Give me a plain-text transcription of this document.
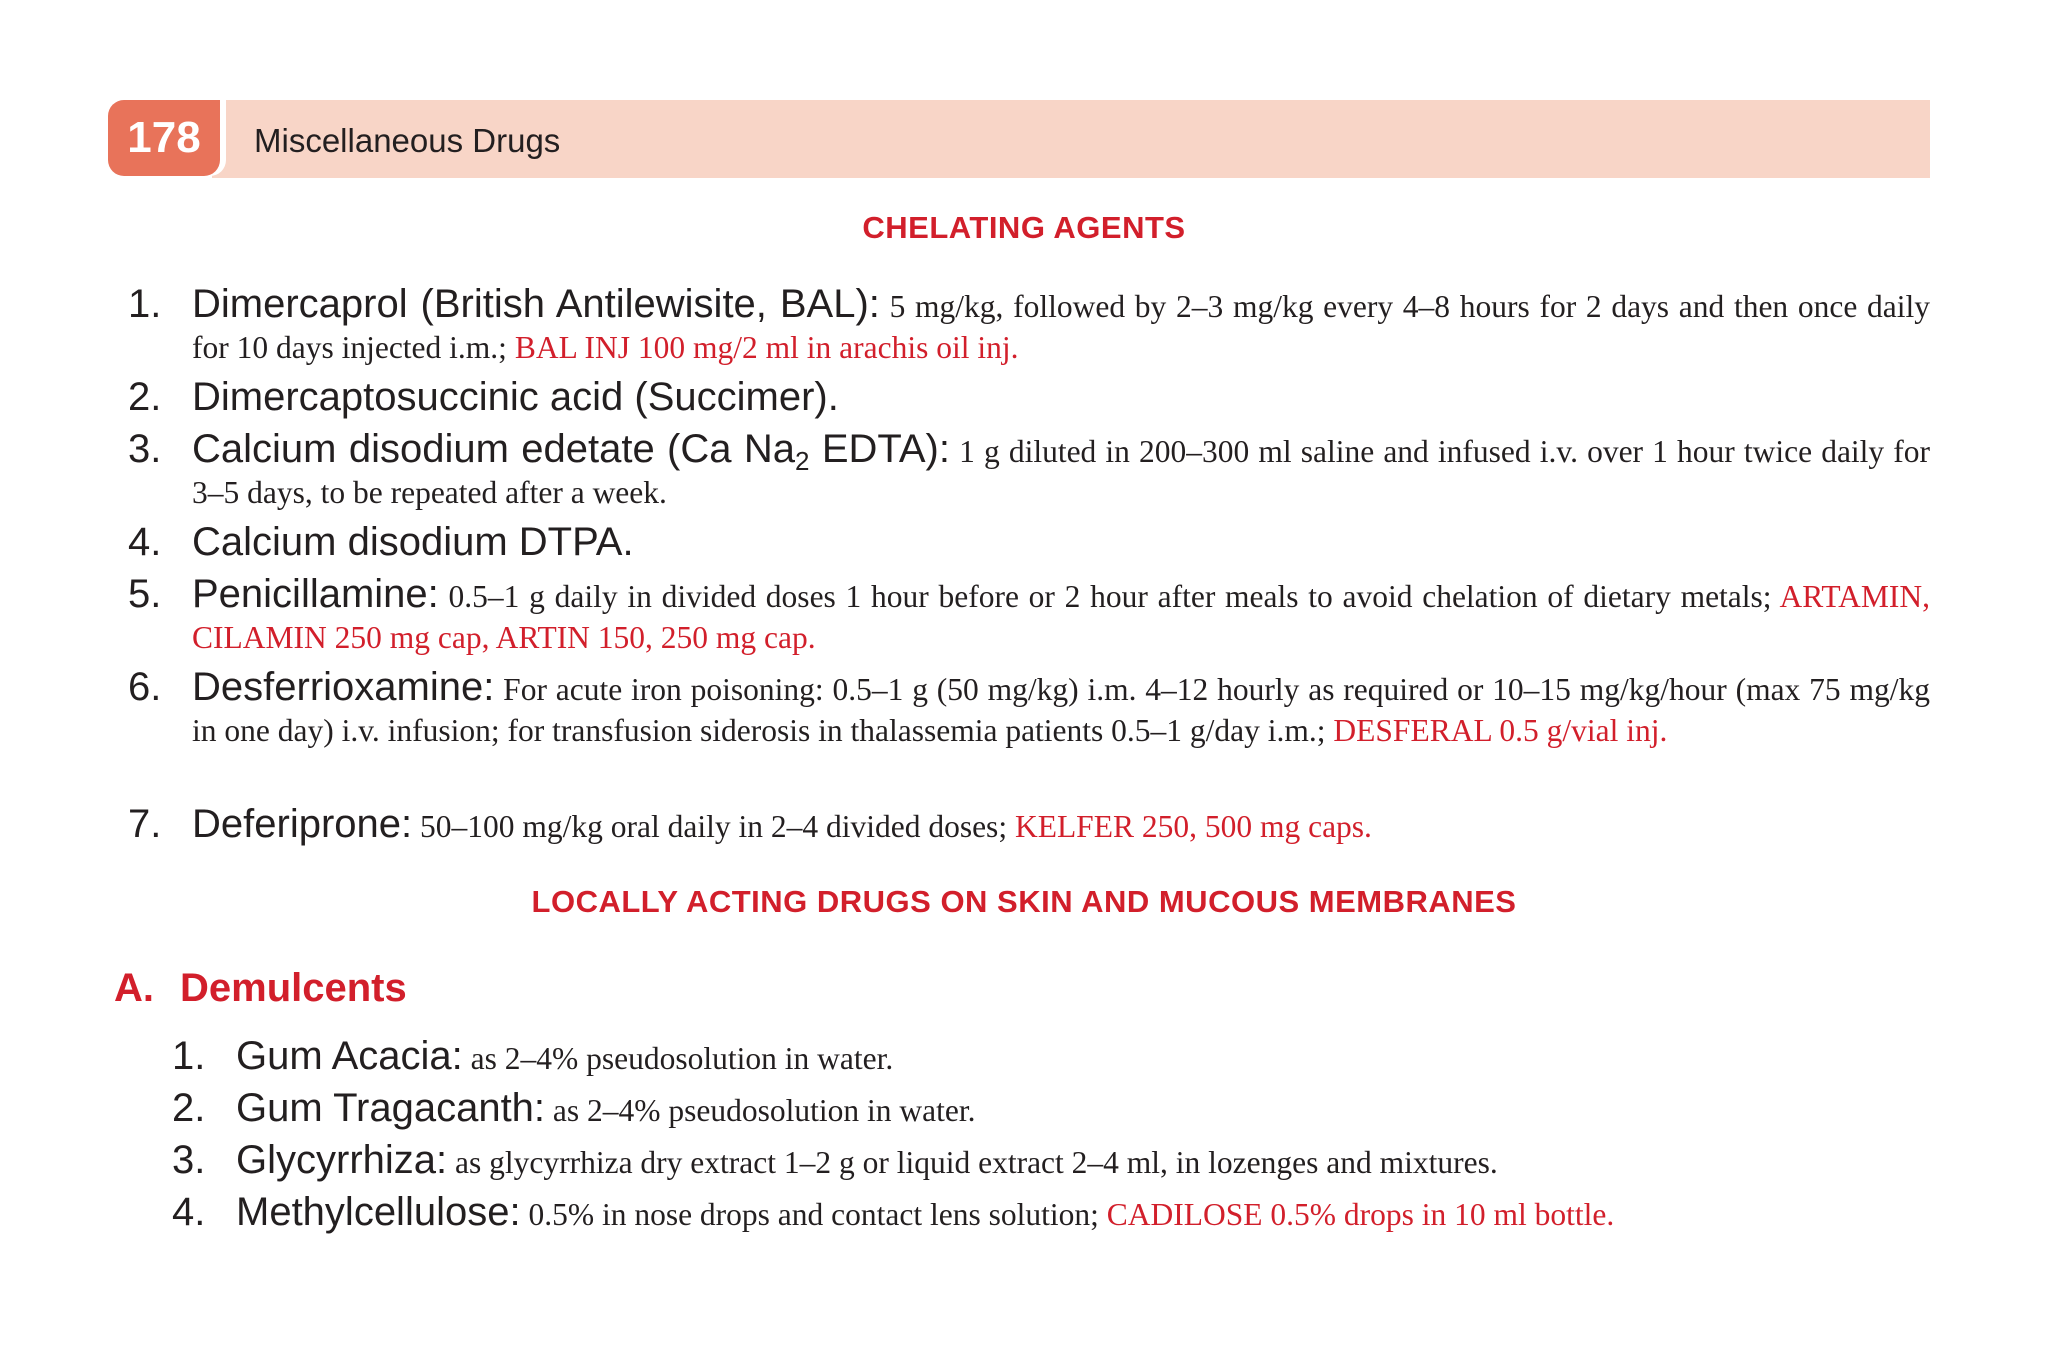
178	Miscellaneous Drugs
CHELATING AGENTS
1. Dimercaprol (British Antilewisite, BAL): 5 mg/kg, followed by 2–3 mg/kg every 4–8 hours for 2 days and then once daily for 10 days injected i.m.; BAL INJ 100 mg/2 ml in arachis oil inj.
2. Dimercaptosuccinic acid (Succimer).
3. Calcium disodium edetate (Ca $Na_2$ EDTA): 1 g diluted in 200–300 ml saline and infused i.v. over 1 hour twice daily for 3–5 days, to be repeated after a week.
4. Calcium disodium DTPA.
5. Penicillamine: 0.5–1 g daily in divided doses 1 hour before or 2 hour after meals to avoid chelation of dietary metals; ARTAMIN, CILAMIN 250 mg cap, ARTIN 150, 250 mg cap.
6. Desferrioxamine: For acute iron poisoning: 0.5–1 g (50 mg/kg) i.m. 4–12 hourly as required or 10–15 mg/kg/hour (max 75 mg/kg in one day) i.v. infusion; for transfusion siderosis in thalassemia patients 0.5–1 g/day i.m.; DESFERAL 0.5 g/vial inj.
7. Deferiprone: 50–100 mg/kg oral daily in 2–4 divided doses; KELFER 250, 500 mg caps.
LOCALLY ACTING DRUGS ON SKIN AND MUCOUS MEMBRANES
A. Demulcents
1. Gum Acacia: as 2–4% pseudosolution in water.
2. Gum Tragacanth: as 2–4% pseudosolution in water.
3. Glycyrrhiza: as glycyrrhiza dry extract 1–2 g or liquid extract 2–4 ml, in lozenges and mixtures.
4. Methylcellulose: 0.5% in nose drops and contact lens solution; CADILOSE 0.5% drops in 10 ml bottle.
